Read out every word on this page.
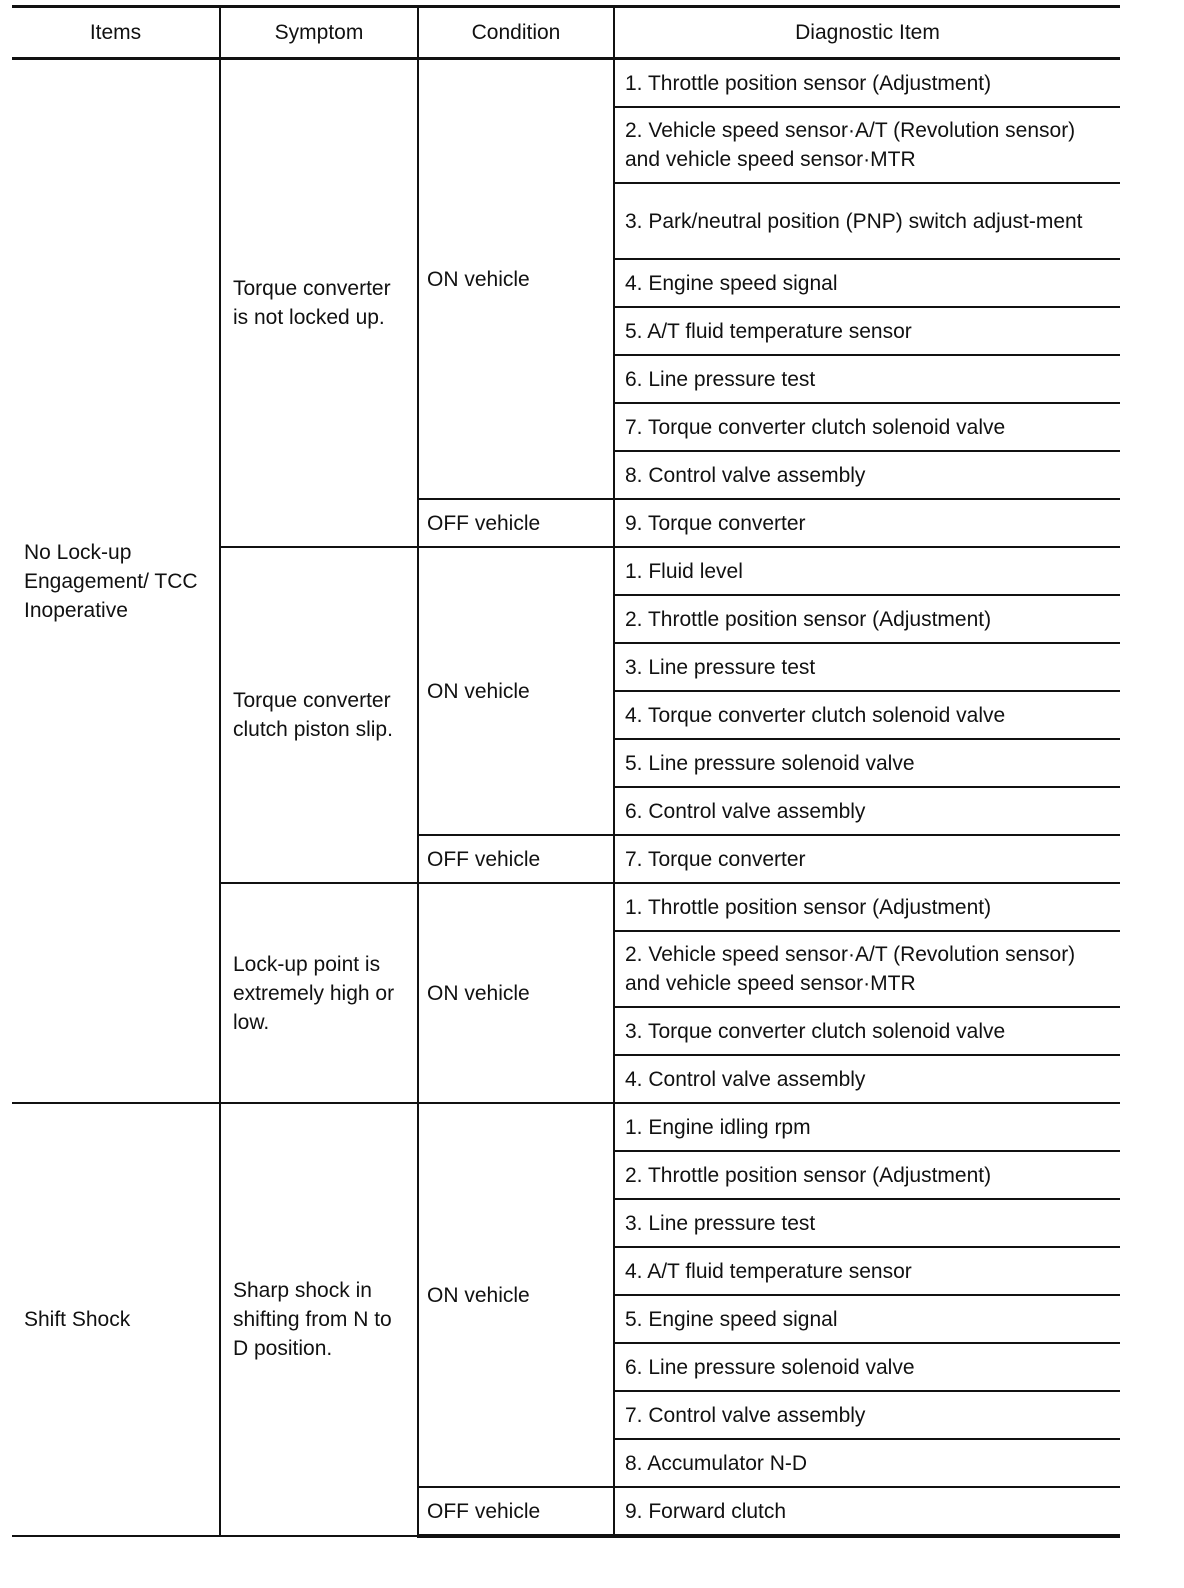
Items	Symptom	Condition	Diagnostic Item
No Lock-up Engagement/ TCC Inoperative	Torque converter is not locked up.	ON vehicle	1. Throttle position sensor (Adjustment)
			2. Vehicle speed sensor·A/T (Revolution sensor) and vehicle speed sensor·MTR
			3. Park/neutral position (PNP) switch adjust-ment
			4. Engine speed signal
			5. A/T fluid temperature sensor
			6. Line pressure test
			7. Torque converter clutch solenoid valve
			8. Control valve assembly
		OFF vehicle	9. Torque converter
	Torque converter clutch piston slip.	ON vehicle	1. Fluid level
			2. Throttle position sensor (Adjustment)
			3. Line pressure test
			4. Torque converter clutch solenoid valve
			5. Line pressure solenoid valve
			6. Control valve assembly
		OFF vehicle	7. Torque converter
	Lock-up point is extremely high or low.	ON vehicle	1. Throttle position sensor (Adjustment)
			2. Vehicle speed sensor·A/T (Revolution sensor) and vehicle speed sensor·MTR
			3. Torque converter clutch solenoid valve
			4. Control valve assembly
Shift Shock	Sharp shock in shifting from N to D position.	ON vehicle	1. Engine idling rpm
			2. Throttle position sensor (Adjustment)
			3. Line pressure test
			4. A/T fluid temperature sensor
			5. Engine speed signal
			6. Line pressure solenoid valve
			7. Control valve assembly
			8. Accumulator N-D
		OFF vehicle	9. Forward clutch
